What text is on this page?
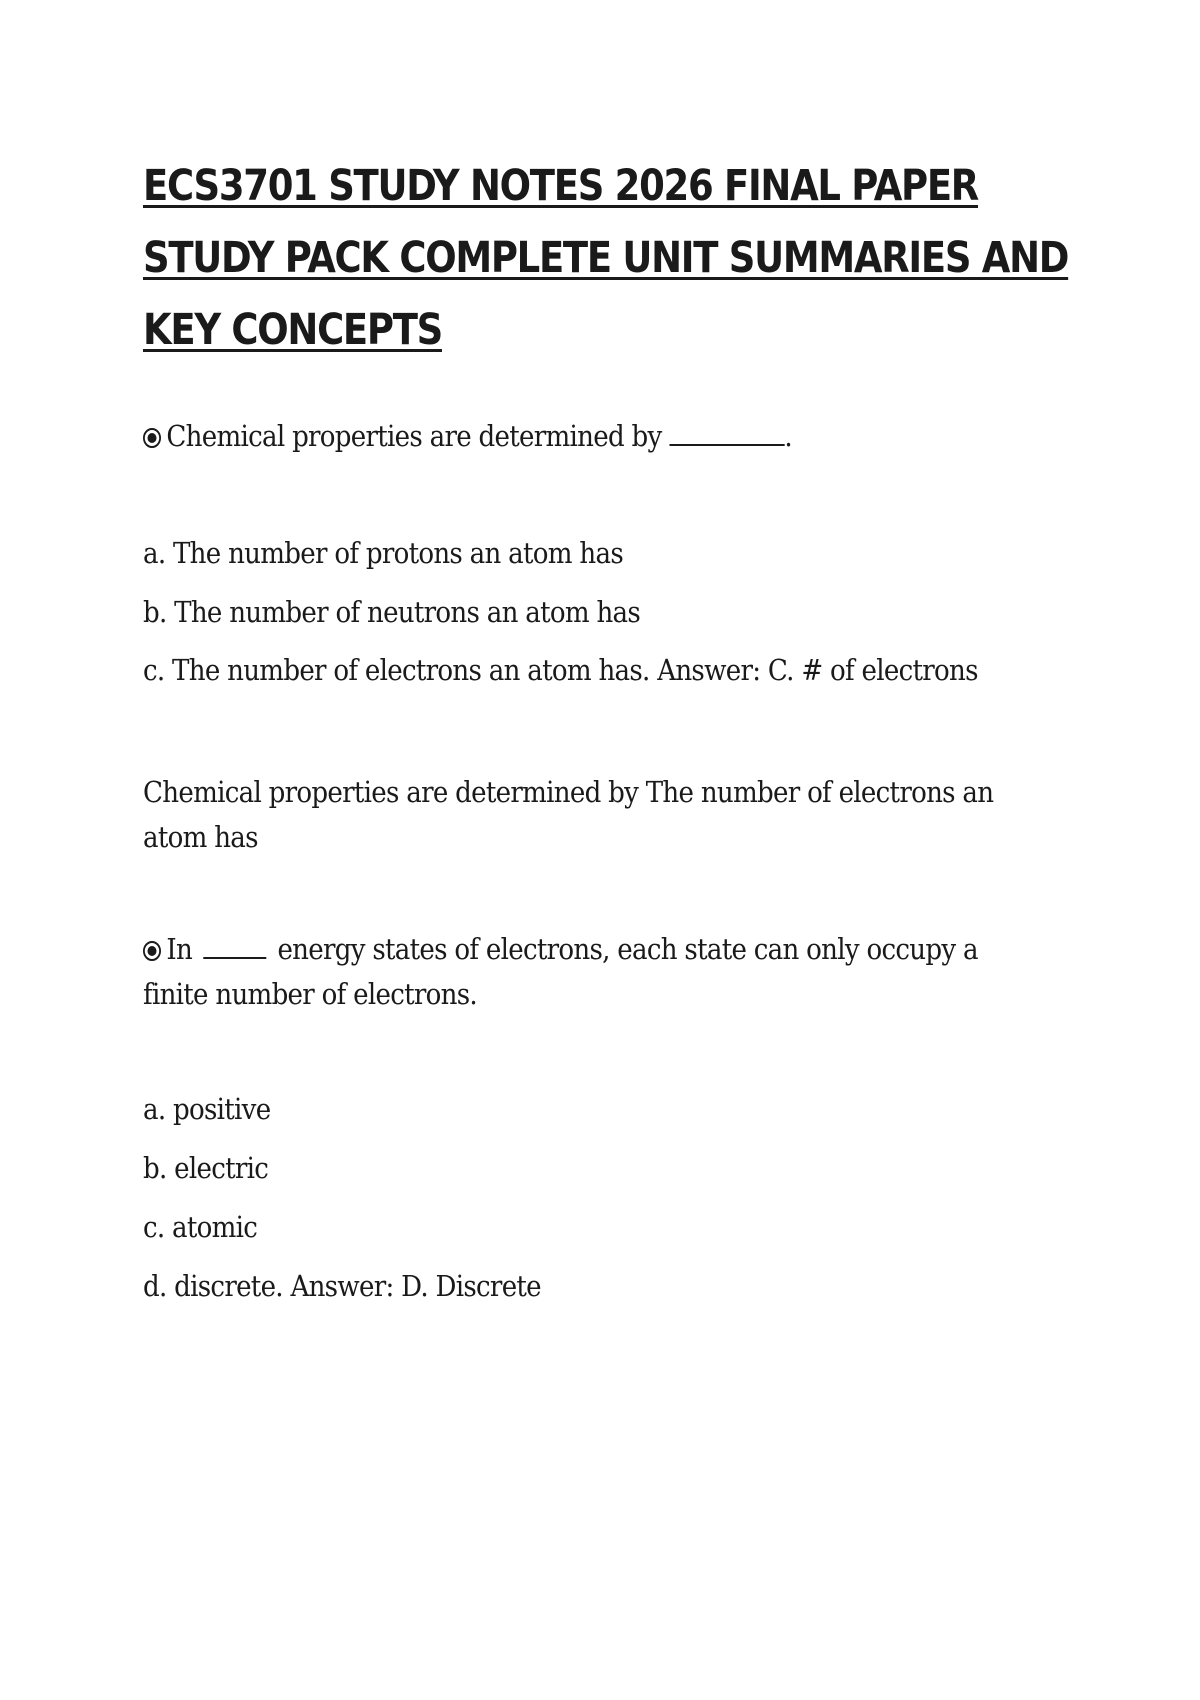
ECS3701 STUDY NOTES 2026 FINAL PAPER STUDY PACK COMPLETE UNIT SUMMARIES AND KEY CONCEPTS
Chemical properties are determined by	.
a. The number of protons an atom has
b. The number of neutrons an atom has
c. The number of electrons an atom has. Answer: C. # of electrons
Chemical properties are determined by The number of electrons an atom has
In	energy states of electrons, each state can only occupy a finite number of electrons.
a. positive
b. electric
c. atomic
d. discrete. Answer: D. Discrete
